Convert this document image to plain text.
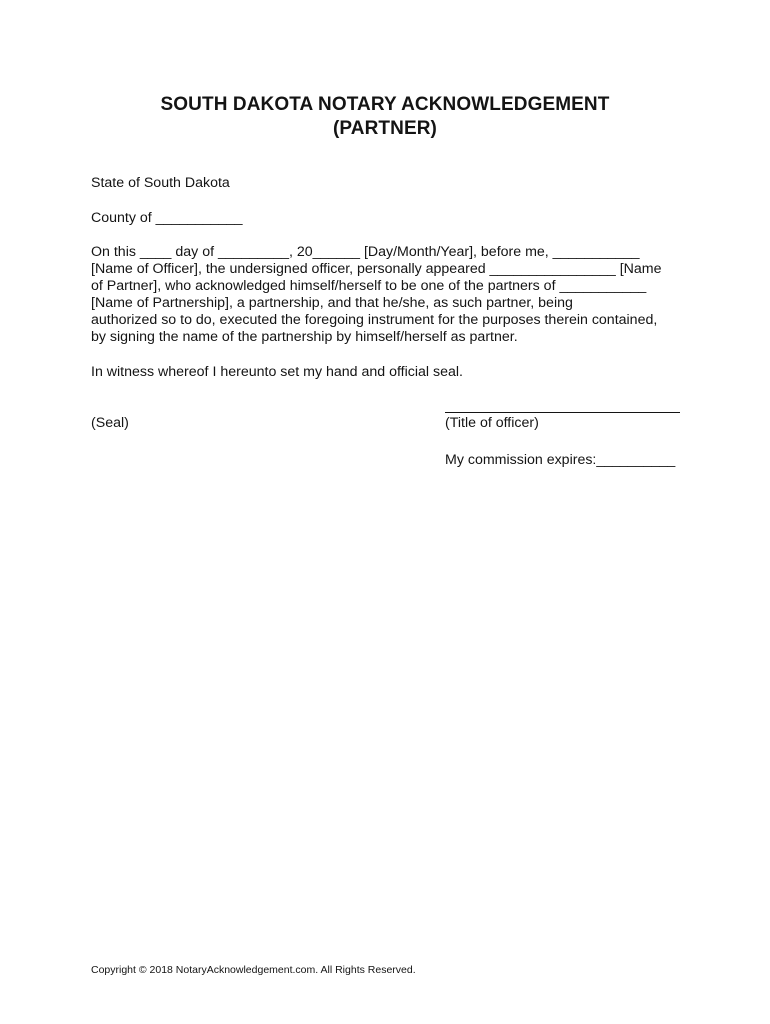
SOUTH DAKOTA NOTARY ACKNOWLEDGEMENT
(PARTNER)
State of South Dakota
County of ___________
On this ____ day of _________, 20______ [Day/Month/Year], before me, ___________
[Name of Officer], the undersigned officer, personally appeared ________________ [Name
of Partner], who acknowledged himself/herself to be one of the partners of ___________
[Name of Partnership], a partnership, and that he/she, as such partner, being
authorized so to do, executed the foregoing instrument for the purposes therein contained,
by signing the name of the partnership by himself/herself as partner.
In witness whereof I hereunto set my hand and official seal.
(Seal)	(Title of officer)
My commission expires:__________
Copyright © 2018 NotaryAcknowledgement.com. All Rights Reserved.
